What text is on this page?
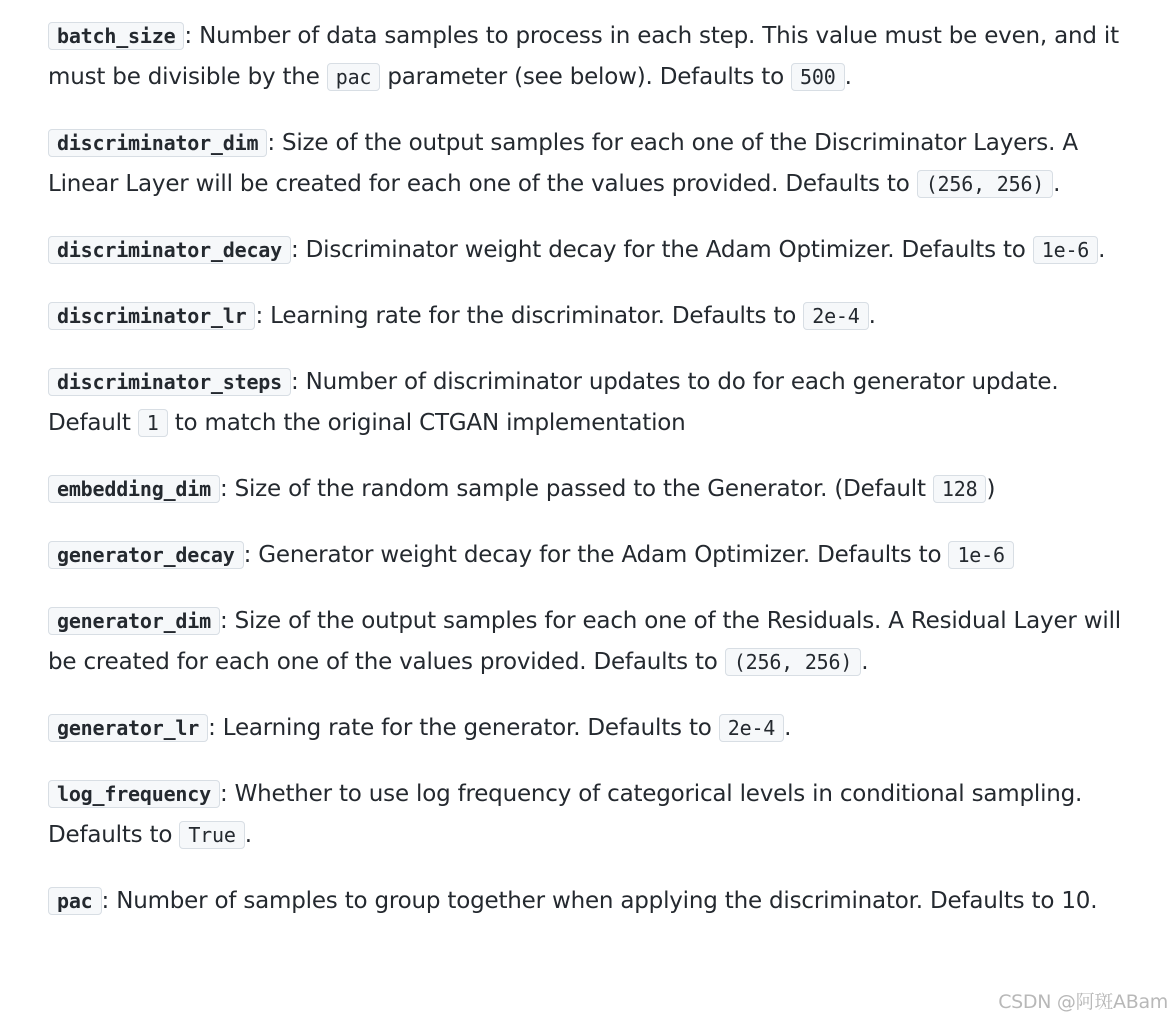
batch_size : Number of data samples to process in each step. This value must be even, and it must be divisible by the pac parameter (see below). Defaults to 500 .

discriminator_dim : Size of the output samples for each one of the Discriminator Layers. A Linear Layer will be created for each one of the values provided. Defaults to (256, 256) .

discriminator_decay : Discriminator weight decay for the Adam Optimizer. Defaults to 1e-6 .

discriminator_lr : Learning rate for the discriminator. Defaults to 2e-4 .

discriminator_steps : Number of discriminator updates to do for each generator update. Default 1 to match the original CTGAN implementation

embedding_dim : Size of the random sample passed to the Generator. (Default 128 )

generator_decay : Generator weight decay for the Adam Optimizer. Defaults to 1e-6

generator_dim : Size of the output samples for each one of the Residuals. A Residual Layer will be created for each one of the values provided. Defaults to (256, 256) .

generator_lr : Learning rate for the generator. Defaults to 2e-4 .

log_frequency : Whether to use log frequency of categorical levels in conditional sampling. Defaults to True .

pac : Number of samples to group together when applying the discriminator. Defaults to 10.

CSDN @阿斑ABam
